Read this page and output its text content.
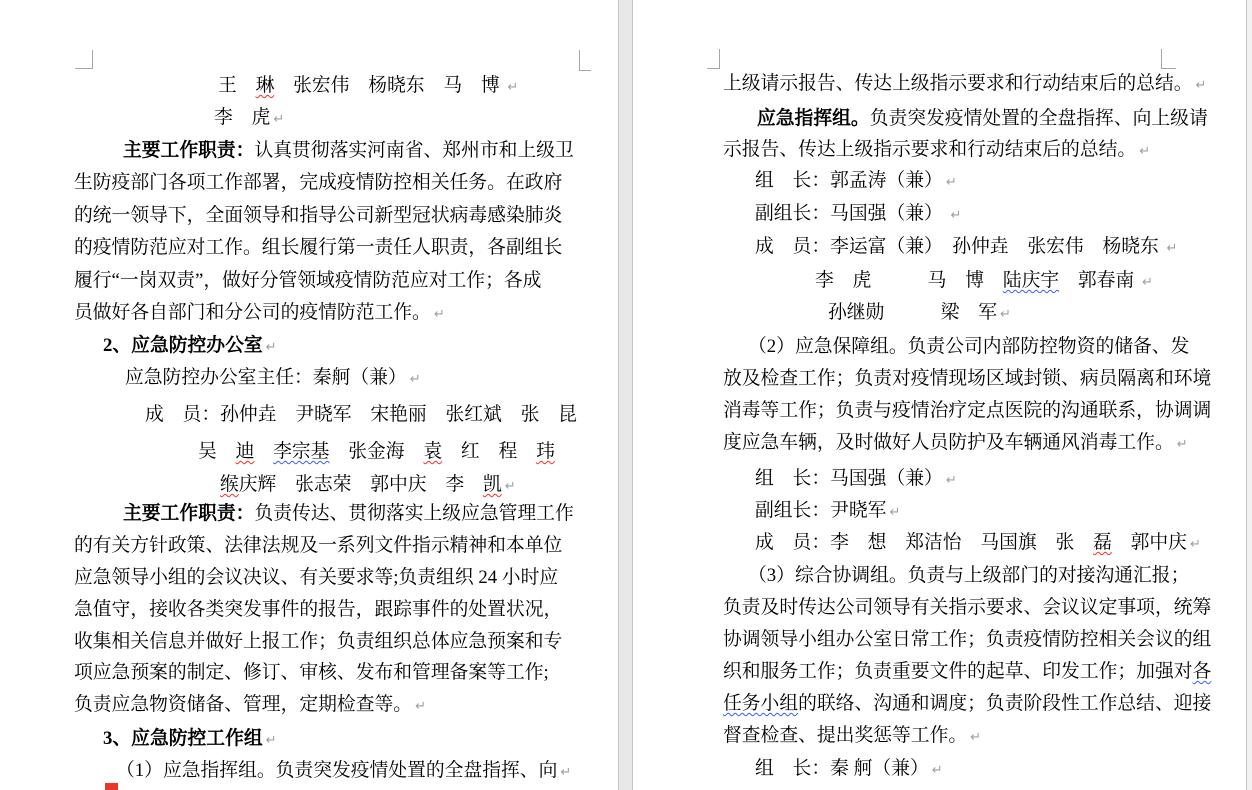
王　琳　张宏伟　杨晓东　马　博 ↵
李　虎 ↵
主要工作职责：认真贯彻落实河南省、郑州市和上级卫
生防疫部门各项工作部署，完成疫情防控相关任务。在政府
的统一领导下，全面领导和指导公司新型冠状病毒感染肺炎
的疫情防范应对工作。组长履行第一责任人职责，各副组长
履行“一岗双责”，做好分管领域疫情防范应对工作；各成
员做好各自部门和分公司的疫情防范工作。 ↵
2、应急防控办公室 ↵
应急防控办公室主任：秦舸（兼） ↵
成　员：孙仲垚　尹晓军　宋艳丽　张红斌　张　昆
吴　迪　 李宗基　张金海　袁　红　程　玮
缑庆辉　张志荣　郭中庆　李　凯 ↵
主要工作职责：负责传达、贯彻落实上级应急管理工作
的有关方针政策、法律法规及一系列文件指示精神和本单位
应急领导小组的会议决议、有关要求等;负责组织 24 小时应
急值守，接收各类突发事件的报告，跟踪事件的处置状况，
收集相关信息并做好上报工作；负责组织总体应急预案和专
项应急预案的制定、修订、审核、发布和管理备案等工作;
负责应急物资储备、管理，定期检查等。 ↵
3、应急防控工作组 ↵
（1）应急指挥组。负责突发疫情处置的全盘指挥、向 ↵
上级请示报告、传达上级指示要求和行动结束后的总结。 ↵
应急指挥组。负责突发疫情处置的全盘指挥、向上级请
示报告、传达上级指示要求和行动结束后的总结。 ↵
组　长：郭孟涛（兼） ↵
副组长：马国强（兼） ↵
成　员：李运富（兼）　孙仲垚　张宏伟　杨晓东 ↵
李　虎　　　马　博　陆庆宇　郭春南 ↵
孙继勋　　　梁　军 ↵
（2）应急保障组。负责公司内部防控物资的储备、发
放及检查工作；负责对疫情现场区域封锁、病员隔离和环境
消毒等工作；负责与疫情治疗定点医院的沟通联系，协调调
度应急车辆，及时做好人员防护及车辆通风消毒工作。 ↵
组　长：马国强（兼） ↵
副组长：尹晓军 ↵
成　员：李　想　郑洁怡　马国旗　张　磊　郭中庆 ↵
（3）综合协调组。负责与上级部门的对接沟通汇报；
负责及时传达公司领导有关指示要求、会议议定事项，统筹
协调领导小组办公室日常工作；负责疫情防控相关会议的组
织和服务工作；负责重要文件的起草、印发工作；加强对各
任务小组的联络、沟通和调度；负责阶段性工作总结、迎接
督查检查、提出奖惩等工作。 ↵
组　长：秦 舸（兼） ↵
